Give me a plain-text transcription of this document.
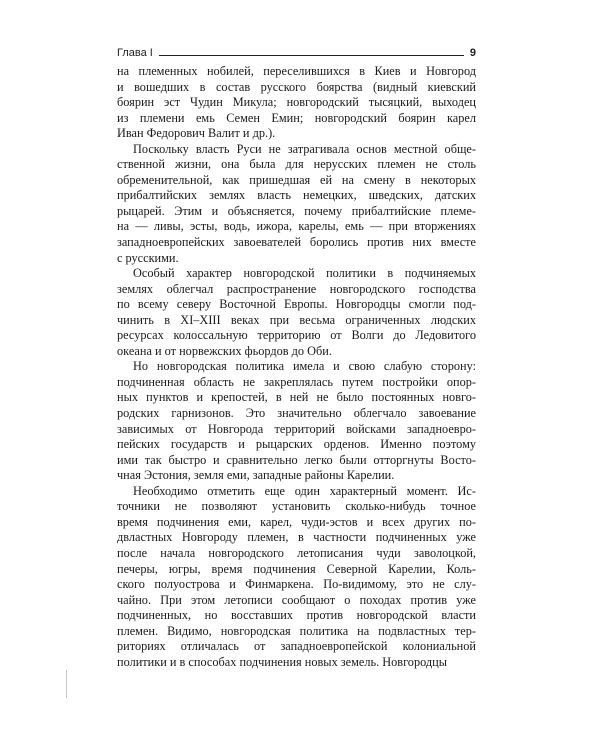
Глава I	9
на племенных нобилей, переселившихся в Киев и Новгород
и вошедших в состав русского боярства (видный киевский
боярин эст Чудин Микула; новгородский тысяцкий, выходец
из племени емь Семен Емин; новгородский боярин карел
Иван Федорович Валит и др.).
Поскольку власть Руси не затрагивала основ местной обще-
ственной жизни, она была для нерусских племен не столь
обременительной, как пришедшая ей на смену в некоторых
прибалтийских землях власть немецких, шведских, датских
рыцарей. Этим и объясняется, почему прибалтийские племе-
на — ливы, эсты, водь, ижора, карелы, емь — при вторжениях
западноевропейских завоевателей боролись против них вместе
с русскими.
Особый характер новгородской политики в подчиняемых
землях облегчал распространение новгородского господства
по всему северу Восточной Европы. Новгородцы смогли под-
чинить в XI–XIII веках при весьма ограниченных людских
ресурсах колоссальную территорию от Волги до Ледовитого
океана и от норвежских фьордов до Оби.
Но новгородская политика имела и свою слабую сторону:
подчиненная область не закреплялась путем постройки опор-
ных пунктов и крепостей, в ней не было постоянных новго-
родских гарнизонов. Это значительно облегчало завоевание
зависимых от Новгорода территорий войсками западноевро-
пейских государств и рыцарских орденов. Именно поэтому
ими так быстро и сравнительно легко были отторгнуты Восто-
чная Эстония, земля еми, западные районы Карелии.
Необходимо отметить еще один характерный момент. Ис-
точники не позволяют установить сколько-нибудь точное
время подчинения еми, карел, чуди-эстов и всех других по-
двластных Новгороду племен, в частности подчиненных уже
после начала новгородского летописания чуди заволоцкой,
печеры, югры, время подчинения Северной Карелии, Коль-
ского полуострова и Финмаркена. По-видимому, это не слу-
чайно. При этом летописи сообщают о походах против уже
подчиненных, но восставших против новгородской власти
племен. Видимо, новгородская политика на подвластных тер-
риториях отличалась от западноевропейской колониальной
политики и в способах подчинения новых земель. Новгородцы
